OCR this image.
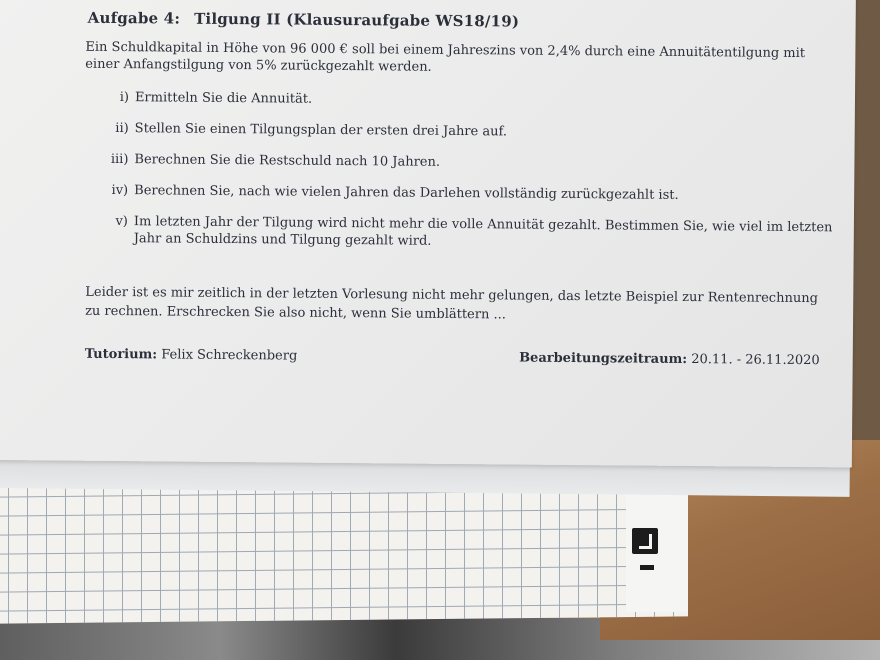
Aufgabe 4: Tilgung II (Klausuraufgabe WS18/19)

Ein Schuldkapital in Höhe von 96 000 € soll bei einem Jahreszins von 2,4% durch eine Annuitätentilgung mit einer Anfangstilgung von 5% zurückgezahlt werden.

i) Ermitteln Sie die Annuität.
ii) Stellen Sie einen Tilgungsplan der ersten drei Jahre auf.
iii) Berechnen Sie die Restschuld nach 10 Jahren.
iv) Berechnen Sie, nach wie vielen Jahren das Darlehen vollständig zurückgezahlt ist.
v) Im letzten Jahr der Tilgung wird nicht mehr die volle Annuität gezahlt. Bestimmen Sie, wie viel im letzten Jahr an Schuldzins und Tilgung gezahlt wird.

Leider ist es mir zeitlich in der letzten Vorlesung nicht mehr gelungen, das letzte Beispiel zur Rentenrechnung zu rechnen. Erschrecken Sie also nicht, wenn Sie umblättern ...

Tutorium: Felix Schreckenberg	Bearbeitungszeitraum: 20.11. - 26.11.2020
